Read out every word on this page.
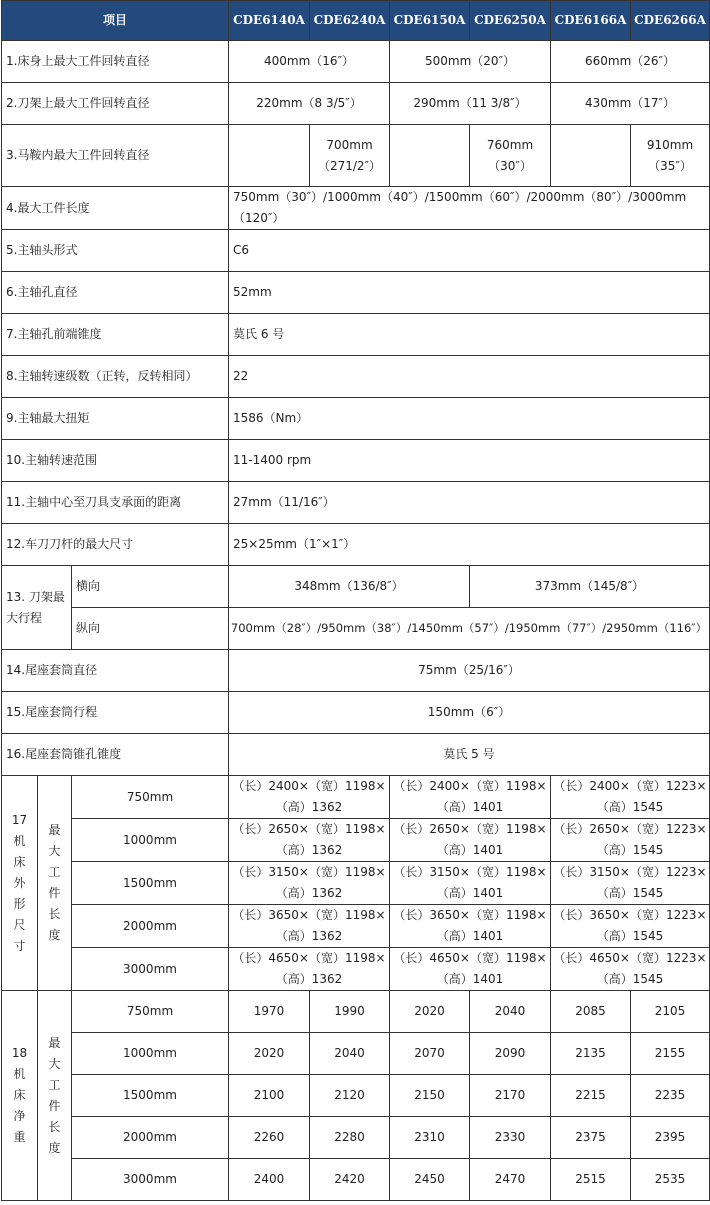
项目			CDE6140A	CDE6240A	CDE6150A	CDE6250A	CDE6166A	CDE6266A
1.床身上最大工件回转直径			400mm（16″）		500mm（20″）		660mm（26″）	
2.刀架上最大工件回转直径			220mm（8 3/5″）		290mm（11 3/8″）		430mm（17″）	
3.马鞍内最大工件回转直径				700mm（271/2″）		760mm（30″）		910mm（35″）
4.最大工件长度			750mm（30″）/1000mm（40″）/1500mm（60″）/2000mm（80″）/3000mm（120″）					
5.主轴头形式			C6					
6.主轴孔直径			52mm					
7.主轴孔前端锥度			莫氏 6 号					
8.主轴转速级数（正转，反转相同）			22					
9.主轴最大扭矩			1586（Nm）					
10.主轴转速范围			11-1400 rpm					
11.主轴中心至刀具支承面的距离			27mm（11/16″）					
12.车刀刀杆的最大尺寸			25×25mm（1″×1″）					
13. 刀架最大行程		横向	348mm（136/8″）			373mm（145/8″）		
		纵向	700mm（28″）/950mm（38″）/1450mm（57″）/1950mm（77″）/2950mm（116″）					
14.尾座套筒直径			75mm（25/16″）					
15.尾座套筒行程			150mm（6″）					
16.尾座套筒锥孔锥度			莫氏 5 号					
17机床外形尺寸	最大工件长度	750mm	（长）2400×（宽）1198×（高）1362		（长）2400×（宽）1198×（高）1401		（长）2400×（宽）1223×（高）1545	
		1000mm	（长）2650×（宽）1198×（高）1362		（长）2650×（宽）1198×（高）1401		（长）2650×（宽）1223×（高）1545	
		1500mm	（长）3150×（宽）1198×（高）1362		（长）3150×（宽）1198×（高）1401		（长）3150×（宽）1223×（高）1545	
		2000mm	（长）3650×（宽）1198×（高）1362		（长）3650×（宽）1198×（高）1401		（长）3650×（宽）1223×（高）1545	
		3000mm	（长）4650×（宽）1198×（高）1362		（长）4650×（宽）1198×（高）1401		（长）4650×（宽）1223×（高）1545	
18机床净重	最大工件长度	750mm	1970	1990	2020	2040	2085	2105
		1000mm	2020	2040	2070	2090	2135	2155
		1500mm	2100	2120	2150	2170	2215	2235
		2000mm	2260	2280	2310	2330	2375	2395
		3000mm	2400	2420	2450	2470	2515	2535
